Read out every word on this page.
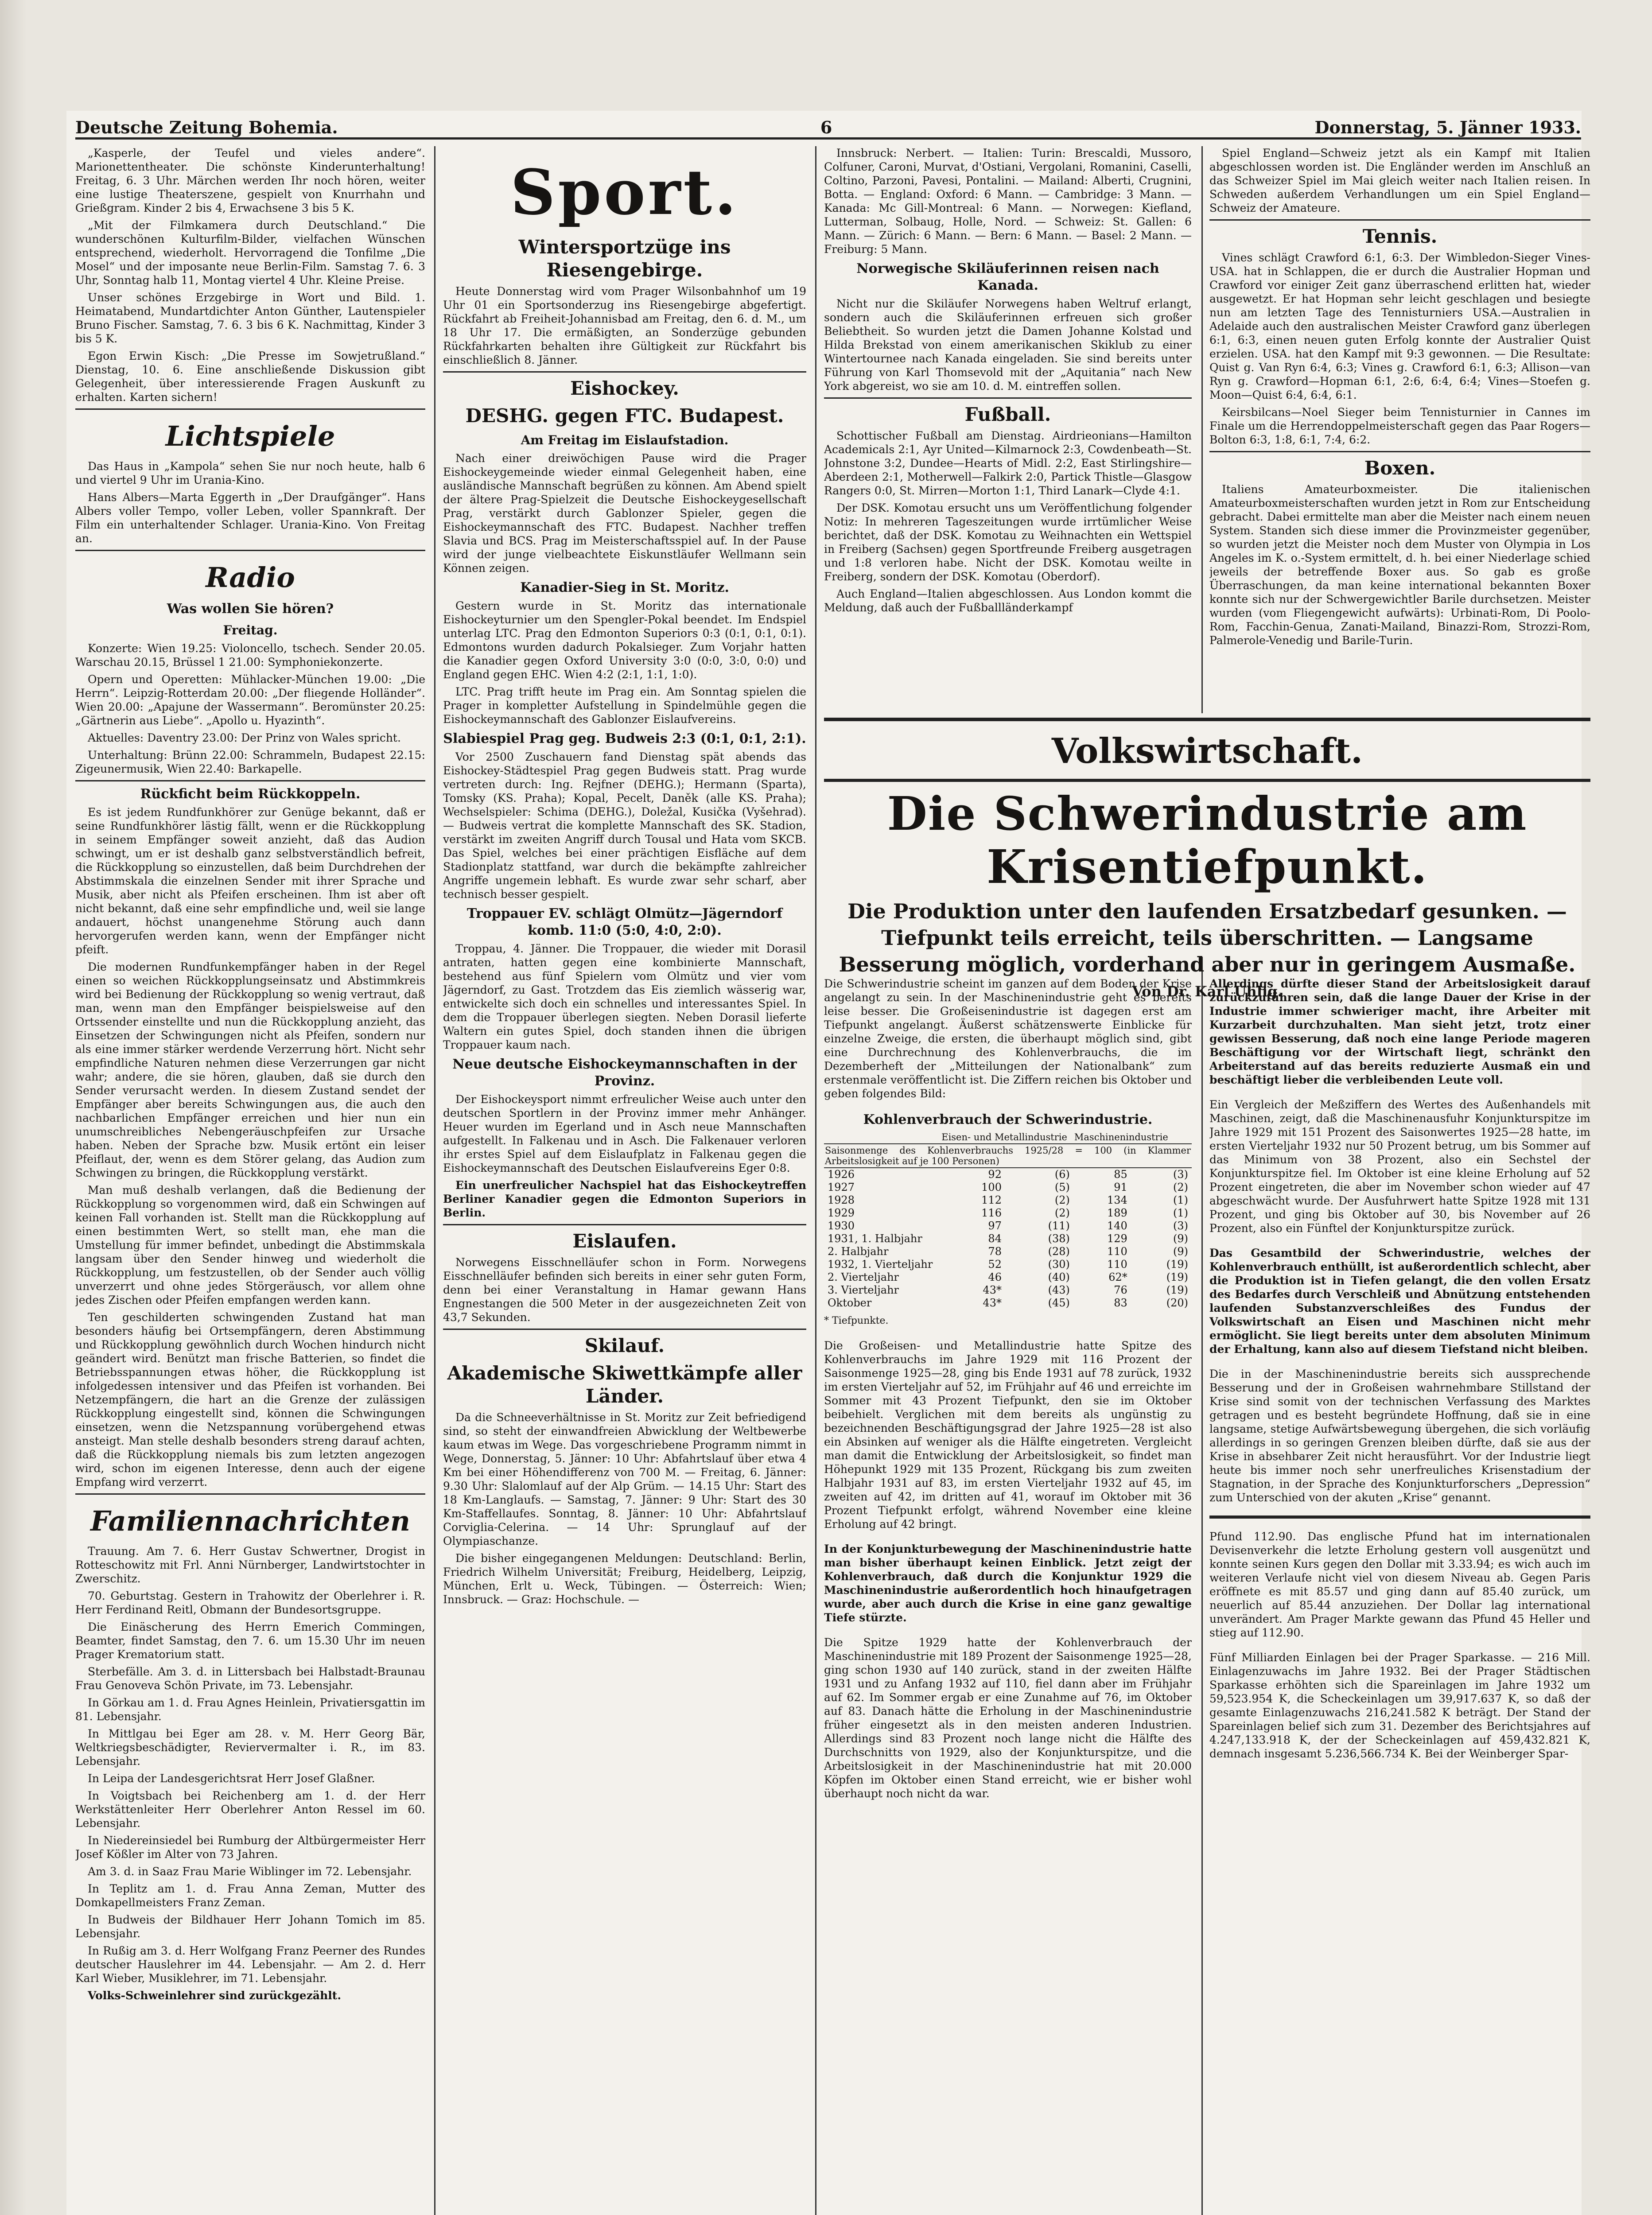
Deutsche Zeitung Bohemia.	6	Donnerstag, 5. Jänner 1933.

„Kasperle, der Teufel und vieles andere“. Marionettentheater. Die schönste Kinderunterhaltung! Freitag, 6. 3 Uhr. Märchen werden Ihr noch hören, weiter eine lustige Theaterszene, gespielt von Knurrhahn und Grießgram. Kinder 2 bis 4, Erwachsene 3 bis 5 K.

„Mit der Filmkamera durch Deutschland.“ Die wunderschönen Kulturfilm-Bilder, vielfachen Wünschen entsprechend, wiederholt. Hervorragend die Tonfilme „Die Mosel“ und der imposante neue Berlin-Film. Samstag 7. 6. 3 Uhr, Sonntag halb 11, Montag viertel 4 Uhr. Kleine Preise.

Unser schönes Erzgebirge in Wort und Bild. 1. Heimatabend, Mundartdichter Anton Günther, Lautenspieler Bruno Fischer. Samstag, 7. 6. 3 bis 6 K. Nachmittag, Kinder 3 bis 5 K.

Egon Erwin Kisch: „Die Presse im Sowjetrußland.“ Dienstag, 10. 6. Eine anschließende Diskussion gibt Gelegenheit, über interessierende Fragen Auskunft zu erhalten. Karten sichern!

Lichtspiele

Das Haus in „Kampola“ sehen Sie nur noch heute, halb 6 und viertel 9 Uhr im Urania-Kino.

Hans Albers—Marta Eggerth in „Der Draufgänger“. Hans Albers voller Tempo, voller Leben, voller Spannkraft. Der Film ein unterhaltender Schlager. Urania-Kino. Von Freitag an.

Radio
Was wollen Sie hören?
Freitag.

Konzerte: Wien 19.25: Violoncello, tschech. Sender 20.05. Warschau 20.15, Brüssel 1 21.00: Symphoniekonzerte.

Opern und Operetten: Mühlacker-München 19.00: „Die Herrn“. Leipzig-Rotterdam 20.00: „Der fliegende Holländer“. Wien 20.00: „Apajune der Wassermann“. Beromünster 20.25: „Gärtnerin aus Liebe“. „Apollo u. Hyazinth“.

Aktuelles: Daventry 23.00: Der Prinz von Wales spricht.

Unterhaltung: Brünn 22.00: Schrammeln, Budapest 22.15: Zigeunermusik, Wien 22.40: Barkapelle.

Rückficht beim Rückkoppeln.

Es ist jedem Rundfunkhörer zur Genüge bekannt, daß er seine Rundfunkhörer lästig fällt, wenn er die Rückkopplung in seinem Empfänger soweit anzieht, daß das Audion schwingt, um er ist deshalb ganz selbstverständlich befreit, die Rückkopplung so einzustellen, daß beim Durchdrehen der Abstimmskala die einzelnen Sender mit ihrer Sprache und Musik, aber nicht als Pfeifen erscheinen. Ihm ist aber oft nicht bekannt, daß eine sehr empfindliche und, weil sie lange andauert, höchst unangenehme Störung auch dann hervorgerufen werden kann, wenn der Empfänger nicht pfeift.

Die modernen Rundfunkempfänger haben in der Regel einen so weichen Rückkopplungseinsatz und Abstimmkreis wird bei Bedienung der Rückkopplung so wenig vertraut, daß man, wenn man den Empfänger beispielsweise auf den Ortssender einstellte und nun die Rückkopplung anzieht, das Einsetzen der Schwingungen nicht als Pfeifen, sondern nur als eine immer stärker werdende Verzerrung hört. Nicht sehr empfindliche Naturen nehmen diese Verzerrungen gar nicht wahr; andere, die sie hören, glauben, daß sie durch den Sender verursacht werden. In diesem Zustand sendet der Empfänger aber bereits Schwingungen aus, die auch den nachbarlichen Empfänger erreichen und hier nun ein unumschreibliches Nebengeräuschpfeifen zur Ursache haben. Neben der Sprache bzw. Musik ertönt ein leiser Pfeiflaut, der, wenn es dem Störer gelang, das Audion zum Schwingen zu bringen, die Rückkopplung verstärkt.

Man muß deshalb verlangen, daß die Bedienung der Rückkopplung so vorgenommen wird, daß ein Schwingen auf keinen Fall vorhanden ist. Stellt man die Rückkopplung auf einen bestimmten Wert, so stellt man, ehe man die Umstellung für immer befindet, unbedingt die Abstimmskala langsam über den Sender hinweg und wiederholt die Rückkopplung, um festzustellen, ob der Sender auch völlig unverzerrt und ohne jedes Störgeräusch, vor allem ohne jedes Zischen oder Pfeifen empfangen werden kann.

Ten geschilderten schwingenden Zustand hat man besonders häufig bei Ortsempfängern, deren Abstimmung und Rückkopplung gewöhnlich durch Wochen hindurch nicht geändert wird. Benützt man frische Batterien, so findet die Betriebsspannungen etwas höher, die Rückkopplung ist infolgedessen intensiver und das Pfeifen ist vorhanden. Bei Netzempfängern, die hart an die Grenze der zulässigen Rückkopplung eingestellt sind, können die Schwingungen einsetzen, wenn die Netzspannung vorübergehend etwas ansteigt. Man stelle deshalb besonders streng darauf achten, daß die Rückkopplung niemals bis zum letzten angezogen wird, schon im eigenen Interesse, denn auch der eigene Empfang wird verzerrt.

Familiennachrichten

Trauung. Am 7. 6. Herr Gustav Schwertner, Drogist in Rotteschowitz mit Frl. Anni Nürnberger, Landwirtstochter in Zwerschitz.

70. Geburtstag. Gestern in Trahowitz der Oberlehrer i. R. Herr Ferdinand Reitl, Obmann der Bundesortsgruppe.

Die Einäscherung des Herrn Emerich Commingen, Beamter, findet Samstag, den 7. 6. um 15.30 Uhr im neuen Prager Krematorium statt.

Sterbefälle. Am 3. d. in Littersbach bei Halbstadt-Braunau Frau Genoveva Schön Private, im 73. Lebensjahr.

In Görkau am 1. d. Frau Agnes Heinlein, Privatiersgattin im 81. Lebensjahr.

In Mittlgau bei Eger am 28. v. M. Herr Georg Bär, Weltkriegsbeschädigter, Reviervermalter i. R., im 83. Lebensjahr.

In Leipa der Landesgerichtsrat Herr Josef Glaßner.

In Voigtsbach bei Reichenberg am 1. d. der Herr Werkstättenleiter Herr Oberlehrer Anton Ressel im 60. Lebensjahr.

In Niedereinsiedel bei Rumburg der Altbürgermeister Herr Josef Kößler im Alter von 73 Jahren.

Am 3. d. in Saaz Frau Marie Wiblinger im 72. Lebensjahr.

In Teplitz am 1. d. Frau Anna Zeman, Mutter des Domkapellmeisters Franz Zeman.

In Budweis der Bildhauer Herr Johann Tomich im 85. Lebensjahr.

In Rußig am 3. d. Herr Wolfgang Franz Peerner des Rundes deutscher Hauslehrer im 44. Lebensjahr. — Am 2. d. Herr Karl Wieber, Musiklehrer, im 71. Lebensjahr.

Volks-Schweinlehrer sind zurückgezählt.

Sport.
Wintersportzüge ins Riesengebirge.

Heute Donnerstag wird vom Prager Wilsonbahnhof um 19 Uhr 01 ein Sportsonderzug ins Riesengebirge abgefertigt. Rückfahrt ab Freiheit-Johannisbad am Freitag, den 6. d. M., um 18 Uhr 17. Die ermäßigten, an Sonderzüge gebunden Rückfahrkarten behalten ihre Gültigkeit zur Rückfahrt bis einschließlich 8. Jänner.

Eishockey.
DESHG. gegen FTC. Budapest.
Am Freitag im Eislaufstadion.

Nach einer dreiwöchigen Pause wird die Prager Eishockeygemeinde wieder einmal Gelegenheit haben, eine ausländische Mannschaft begrüßen zu können. Am Abend spielt der ältere Prag-Spielzeit die Deutsche Eishockeygesellschaft Prag, verstärkt durch Gablonzer Spieler, gegen die Eishockeymannschaft des FTC. Budapest. Nachher treffen Slavia und BCS. Prag im Meisterschaftsspiel auf. In der Pause wird der junge vielbeachtete Eiskunstläufer Wellmann sein Können zeigen.

Kanadier-Sieg in St. Moritz.

Gestern wurde in St. Moritz das internationale Eishockeyturnier um den Spengler-Pokal beendet. Im Endspiel unterlag LTC. Prag den Edmonton Superiors 0:3 (0:1, 0:1, 0:1). Edmontons wurden dadurch Pokalsieger. Zum Vorjahr hatten die Kanadier gegen Oxford University 3:0 (0:0, 3:0, 0:0) und England gegen EHC. Wien 4:2 (2:1, 1:1, 1:0).

LTC. Prag trifft heute im Prag ein. Am Sonntag spielen die Prager in kompletter Aufstellung in Spindelmühle gegen die Eishockeymannschaft des Gablonzer Eislaufvereins.

Slabiespiel Prag geg. Budweis 2:3 (0:1, 0:1, 2:1).

Vor 2500 Zuschauern fand Dienstag spät abends das Eishockey-Städtespiel Prag gegen Budweis statt. Prag wurde vertreten durch: Ing. Rejfner (DEHG.); Hermann (Sparta), Tomsky (KS. Praha); Kopal, Pecelt, Daněk (alle KS. Praha); Wechselspieler: Schima (DEHG.), Doležal, Kusička (Vyšehrad). — Budweis vertrat die komplette Mannschaft des SK. Stadion, verstärkt im zweiten Angriff durch Tousal und Hata vom SKCB. Das Spiel, welches bei einer prächtigen Eisfläche auf dem Stadionplatz stattfand, war durch die bekämpfte zahlreicher Angriffe ungemein lebhaft. Es wurde zwar sehr scharf, aber technisch besser gespielt.

Troppauer EV. schlägt Olmütz—Jägerndorf komb. 11:0 (5:0, 4:0, 2:0).

Troppau, 4. Jänner. Die Troppauer, die wieder mit Dorasil antraten, hatten gegen eine kombinierte Mannschaft, bestehend aus fünf Spielern vom Olmütz und vier vom Jägerndorf, zu Gast. Trotzdem das Eis ziemlich wässerig war, entwickelte sich doch ein schnelles und interessantes Spiel. In dem die Troppauer überlegen siegten. Neben Dorasil lieferte Waltern ein gutes Spiel, doch standen ihnen die übrigen Troppauer kaum nach.

Neue deutsche Eishockeymannschaften in der Provinz.

Der Eishockeysport nimmt erfreulicher Weise auch unter den deutschen Sportlern in der Provinz immer mehr Anhänger. Heuer wurden im Egerland und in Asch neue Mannschaften aufgestellt. In Falkenau und in Asch. Die Falkenauer verloren ihr erstes Spiel auf dem Eislaufplatz in Falkenau gegen die Eishockeymannschaft des Deutschen Eislaufvereins Eger 0:8.

Ein unerfreulicher Nachspiel hat das Eishockeytreffen Berliner Kanadier gegen die Edmonton Superiors in Berlin.

Eislaufen.

Norwegens Eisschnelläufer schon in Form. Norwegens Eisschnelläufer befinden sich bereits in einer sehr guten Form, denn bei einer Veranstaltung in Hamar gewann Hans Engnestangen die 500 Meter in der ausgezeichneten Zeit von 43,7 Sekunden.

Skilauf.
Akademische Skiwettkämpfe aller Länder.

Da die Schneeverhältnisse in St. Moritz zur Zeit befriedigend sind, so steht der einwandfreien Abwicklung der Weltbewerbe kaum etwas im Wege. Das vorgeschriebene Programm nimmt in Wege, Donnerstag, 5. Jänner: 10 Uhr: Abfahrtslauf über etwa 4 Km bei einer Höhendifferenz von 700 M. — Freitag, 6. Jänner: 9.30 Uhr: Slalomlauf auf der Alp Grüm. — 14.15 Uhr: Start des 18 Km-Langlaufs. — Samstag, 7. Jänner: 9 Uhr: Start des 30 Km-Staffellaufes. Sonntag, 8. Jänner: 10 Uhr: Abfahrtslauf Corviglia-Celerina. — 14 Uhr: Sprunglauf auf der Olympiaschanze.

Die bisher eingegangenen Meldungen: Deutschland: Berlin, Friedrich Wilhelm Universität; Freiburg, Heidelberg, Leipzig, München, Erlt u. Weck, Tübingen. — Österreich: Wien; Innsbruck. — Graz: Hochschule. —

Innsbruck: Nerbert. — Italien: Turin: Brescaldi, Mussoro, Colfuner, Caroni, Murvat, d'Ostiani, Vergolani, Romanini, Caselli, Coltino, Parzoni, Pavesi, Pontalini. — Mailand: Alberti, Crugnini, Botta. — England: Oxford: 6 Mann. — Cambridge: 3 Mann. — Kanada: Mc Gill-Montreal: 6 Mann. — Norwegen: Kiefland, Lutterman, Solbaug, Holle, Nord. — Schweiz: St. Gallen: 6 Mann. — Zürich: 6 Mann. — Bern: 6 Mann. — Basel: 2 Mann. — Freiburg: 5 Mann.

Norwegische Skiläuferinnen reisen nach Kanada.

Nicht nur die Skiläufer Norwegens haben Weltruf erlangt, sondern auch die Skiläuferinnen erfreuen sich großer Beliebtheit. So wurden jetzt die Damen Johanne Kolstad und Hilda Brekstad von einem amerikanischen Skiklub zu einer Wintertournee nach Kanada eingeladen. Sie sind bereits unter Führung von Karl Thomsevold mit der „Aquitania“ nach New York abgereist, wo sie am 10. d. M. eintreffen sollen.

Fußball.

Schottischer Fußball am Dienstag. Airdrieonians—Hamilton Academicals 2:1, Ayr United—Kilmarnock 2:3, Cowdenbeath—St. Johnstone 3:2, Dundee—Hearts of Midl. 2:2, East Stirlingshire—Aberdeen 2:1, Motherwell—Falkirk 2:0, Partick Thistle—Glasgow Rangers 0:0, St. Mirren—Morton 1:1, Third Lanark—Clyde 4:1.

Der DSK. Komotau ersucht uns um Veröffentlichung folgender Notiz: In mehreren Tageszeitungen wurde irrtümlicher Weise berichtet, daß der DSK. Komotau zu Weihnachten ein Wettspiel in Freiberg (Sachsen) gegen Sportfreunde Freiberg ausgetragen und 1:8 verloren habe. Nicht der DSK. Komotau weilte in Freiberg, sondern der DSK. Komotau (Oberdorf).

Auch England—Italien abgeschlossen. Aus London kommt die Meldung, daß auch der Fußballländerkampf

Spiel England—Schweiz jetzt als ein Kampf mit Italien abgeschlossen worden ist. Die Engländer werden im Anschluß an das Schweizer Spiel im Mai gleich weiter nach Italien reisen. In Schweden außerdem Verhandlungen um ein Spiel England—Schweiz der Amateure.

Tennis.

Vines schlägt Crawford 6:1, 6:3. Der Wimbledon-Sieger Vines-USA. hat in Schlappen, die er durch die Australier Hopman und Crawford vor einiger Zeit ganz überraschend erlitten hat, wieder ausgewetzt. Er hat Hopman sehr leicht geschlagen und besiegte nun am letzten Tage des Tennisturniers USA.—Australien in Adelaide auch den australischen Meister Crawford ganz überlegen 6:1, 6:3, einen neuen guten Erfolg konnte der Australier Quist erzielen. USA. hat den Kampf mit 9:3 gewonnen. — Die Resultate: Quist g. Van Ryn 6:4, 6:3; Vines g. Crawford 6:1, 6:3; Allison—van Ryn g. Crawford—Hopman 6:1, 2:6, 6:4, 6:4; Vines—Stoefen g. Moon—Quist 6:4, 6:4, 6:1.

Keirsbilcans—Noel Sieger beim Tennisturnier in Cannes im Finale um die Herrendoppelmeisterschaft gegen das Paar Rogers—Bolton 6:3, 1:8, 6:1, 7:4, 6:2.

Boxen.

Italiens Amateurboxmeister. Die italienischen Amateurboxmeisterschaften wurden jetzt in Rom zur Entscheidung gebracht. Dabei ermittelte man aber die Meister nach einem neuen System. Standen sich diese immer die Provinzmeister gegenüber, so wurden jetzt die Meister noch dem Muster von Olympia in Los Angeles im K. o.-System ermittelt, d. h. bei einer Niederlage schied jeweils der betreffende Boxer aus. So gab es große Überraschungen, da man keine international bekannten Boxer konnte sich nur der Schwergewichtler Barile durchsetzen. Meister wurden (vom Fliegengewicht aufwärts): Urbinati-Rom, Di Poolo-Rom, Facchin-Genua, Zanati-Mailand, Binazzi-Rom, Strozzi-Rom, Palmerole-Venedig und Barile-Turin.

Volkswirtschaft.
Die Schwerindustrie am Krisentiefpunkt.
Die Produktion unter den laufenden Ersatzbedarf gesunken. — Tiefpunkt teils erreicht, teils überschritten. — Langsame Besserung möglich, vorderhand aber nur in geringem Ausmaße.
Von Dr. Karl Uhlig.

Die Schwerindustrie scheint im ganzen auf dem Boden der Krise angelangt zu sein. In der Maschinenindustrie geht es bereits leise besser. Die Großeisenindustrie ist dagegen erst am Tiefpunkt angelangt. Äußerst schätzenswerte Einblicke für einzelne Zweige, die ersten, die überhaupt möglich sind, gibt eine Durchrechnung des Kohlenverbrauchs, die im Dezemberheft der „Mitteilungen der Nationalbank“ zum erstenmale veröffentlicht ist. Die Ziffern reichen bis Oktober und geben folgendes Bild:

Kohlenverbrauch der Schwerindustrie.
	Eisen- und Metallindustrie		Maschinenindustrie	
Saisonmenge des Kohlenverbrauchs 1925/28 = 100 (in Klammer Arbeitslosigkeit auf je 100 Personen)				
1926	92	(6)	85	(3)
1927	100	(5)	91	(2)
1928	112	(2)	134	(1)
1929	116	(2)	189	(1)
1930	97	(11)	140	(3)
1931, 1. Halbjahr	84	(38)	129	(9)
2. Halbjahr	78	(28)	110	(9)
1932, 1. Vierteljahr	52	(30)	110	(19)
2. Vierteljahr	46	(40)	62*	(19)
3. Vierteljahr	43*	(43)	76	(19)
Oktober	43*	(45)	83	(20)
* Tiefpunkte.

Die Großeisen- und Metallindustrie hatte Spitze des Kohlenverbrauchs im Jahre 1929 mit 116 Prozent der Saisonmenge 1925—28, ging bis Ende 1931 auf 78 zurück, 1932 im ersten Vierteljahr auf 52, im Frühjahr auf 46 und erreichte im Sommer mit 43 Prozent Tiefpunkt, den sie im Oktober beibehielt. Verglichen mit dem bereits als ungünstig zu bezeichnenden Beschäftigungsgrad der Jahre 1925—28 ist also ein Absinken auf weniger als die Hälfte eingetreten. Vergleicht man damit die Entwicklung der Arbeitslosigkeit, so findet man Höhepunkt 1929 mit 135 Prozent, Rückgang bis zum zweiten Halbjahr 1931 auf 83, im ersten Vierteljahr 1932 auf 45, im zweiten auf 42, im dritten auf 41, worauf im Oktober mit 36 Prozent Tiefpunkt erfolgt, während November eine kleine Erholung auf 42 bringt.

In der Konjunkturbewegung der Maschinenindustrie hatte man bisher überhaupt keinen Einblick. Jetzt zeigt der Kohlenverbrauch, daß durch die Konjunktur 1929 die Maschinenindustrie außerordentlich hoch hinaufgetragen wurde, aber auch durch die Krise in eine ganz gewaltige Tiefe stürzte.

Die Spitze 1929 hatte der Kohlenverbrauch der Maschinenindustrie mit 189 Prozent der Saisonmenge 1925—28, ging schon 1930 auf 140 zurück, stand in der zweiten Hälfte 1931 und zu Anfang 1932 auf 110, fiel dann aber im Frühjahr auf 62. Im Sommer ergab er eine Zunahme auf 76, im Oktober auf 83. Danach hätte die Erholung in der Maschinenindustrie früher eingesetzt als in den meisten anderen Industrien. Allerdings sind 83 Prozent noch lange nicht die Hälfte des Durchschnitts von 1929, also der Konjunkturspitze, und die Arbeitslosigkeit in der Maschinenindustrie hat mit 20.000 Köpfen im Oktober einen Stand erreicht, wie er bisher wohl überhaupt noch nicht da war.

Allerdings dürfte dieser Stand der Arbeitslosigkeit darauf zurückzuführen sein, daß die lange Dauer der Krise in der Industrie immer schwieriger macht, ihre Arbeiter mit Kurzarbeit durchzuhalten. Man sieht jetzt, trotz einer gewissen Besserung, daß noch eine lange Periode mageren Beschäftigung vor der Wirtschaft liegt, schränkt den Arbeiterstand auf das bereits reduzierte Ausmaß ein und beschäftigt lieber die verbleibenden Leute voll.

Ein Vergleich der Meßziffern des Wertes des Außenhandels mit Maschinen, zeigt, daß die Maschinenausfuhr Konjunkturspitze im Jahre 1929 mit 151 Prozent des Saisonwertes 1925—28 hatte, im ersten Vierteljahr 1932 nur 50 Prozent betrug, um bis Sommer auf das Minimum von 38 Prozent, also ein Sechstel der Konjunkturspitze fiel. Im Oktober ist eine kleine Erholung auf 52 Prozent eingetreten, die aber im November schon wieder auf 47 abgeschwächt wurde. Der Ausfuhrwert hatte Spitze 1928 mit 131 Prozent, und ging bis Oktober auf 30, bis November auf 26 Prozent, also ein Fünftel der Konjunkturspitze zurück.

Das Gesamtbild der Schwerindustrie, welches der Kohlenverbrauch enthüllt, ist außerordentlich schlecht, aber die Produktion ist in Tiefen gelangt, die den vollen Ersatz des Bedarfes durch Verschleiß und Abnützung entstehenden laufenden Substanzverschleißes des Fundus der Volkswirtschaft an Eisen und Maschinen nicht mehr ermöglicht. Sie liegt bereits unter dem absoluten Minimum der Erhaltung, kann also auf diesem Tiefstand nicht bleiben.

Die in der Maschinenindustrie bereits sich aussprechende Besserung und der in Großeisen wahrnehmbare Stillstand der Krise sind somit von der technischen Verfassung des Marktes getragen und es besteht begründete Hoffnung, daß sie in eine langsame, stetige Aufwärtsbewegung übergehen, die sich vorläufig allerdings in so geringen Grenzen bleiben dürfte, daß sie aus der Krise in absehbarer Zeit nicht herausführt. Vor der Industrie liegt heute bis immer noch sehr unerfreuliches Krisenstadium der Stagnation, in der Sprache des Konjunkturforschers „Depression“ zum Unterschied von der akuten „Krise“ genannt.

Pfund 112.90. Das englische Pfund hat im internationalen Devisenverkehr die letzte Erholung gestern voll ausgenützt und konnte seinen Kurs gegen den Dollar mit 3.33.94; es wich auch im weiteren Verlaufe nicht viel von diesem Niveau ab. Gegen Paris eröffnete es mit 85.57 und ging dann auf 85.40 zurück, um neuerlich auf 85.44 anzuziehen. Der Dollar lag international unverändert. Am Prager Markte gewann das Pfund 45 Heller und stieg auf 112.90.

Fünf Milliarden Einlagen bei der Prager Sparkasse. — 216 Mill. Einlagenzuwachs im Jahre 1932. Bei der Prager Städtischen Sparkasse erhöhten sich die Spareinlagen im Jahre 1932 um 59,523.954 K, die Scheckeinlagen um 39,917.637 K, so daß der gesamte Einlagenzuwachs 216,241.582 K beträgt. Der Stand der Spareinlagen belief sich zum 31. Dezember des Berichtsjahres auf 4.247,133.918 K, der der Scheckeinlagen auf 459,432.821 K, demnach insgesamt 5.236,566.734 K. Bei der Weinberger Spar-
